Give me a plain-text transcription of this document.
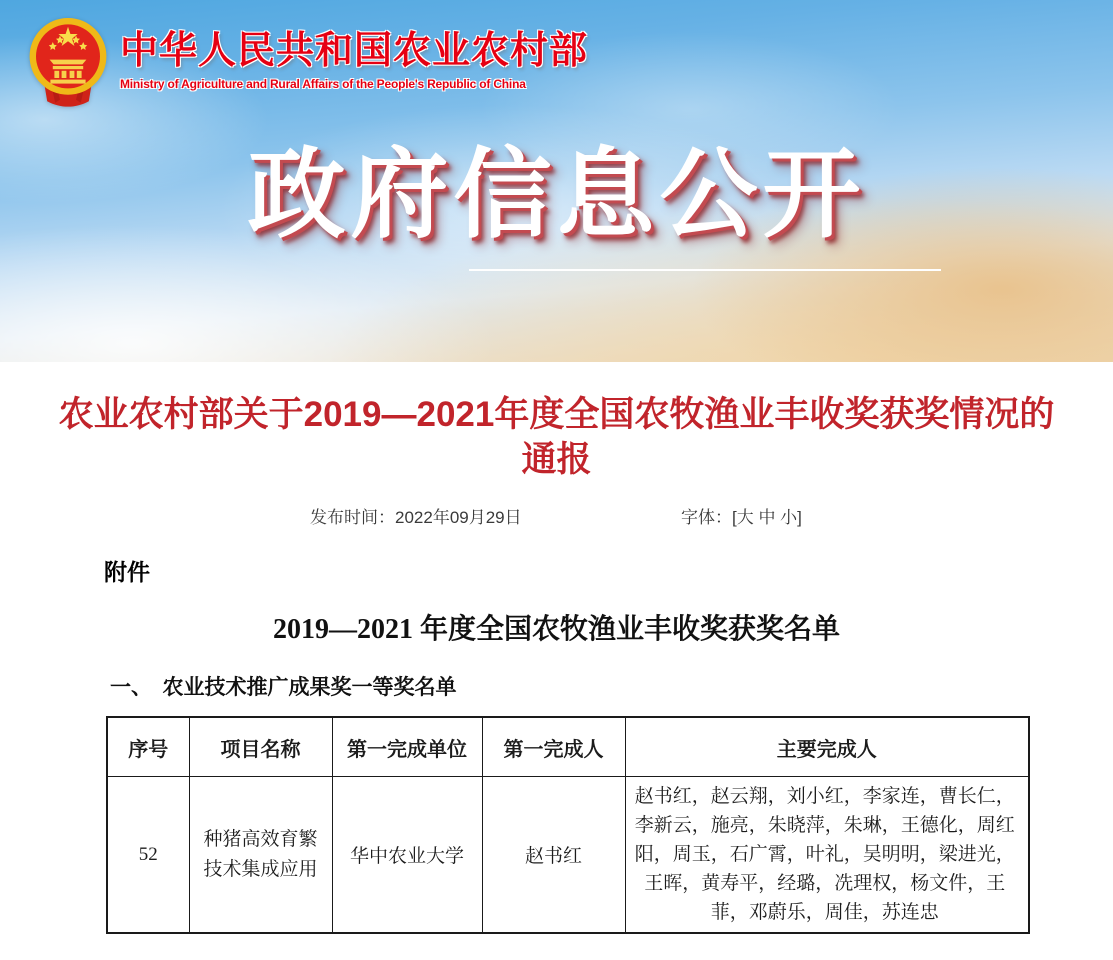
中华人民共和国农业农村部
Ministry of Agriculture and Rural Affairs of the People's Republic of China
政府信息公开
农业农村部关于2019—2021年度全国农牧渔业丰收奖获奖情况的通报
发布时间：2022年09月29日	字体：[大 中 小]
附件
2019—2021 年度全国农牧渔业丰收奖获奖名单
一、　农业技术推广成果奖一等奖名单
序号	项目名称	第一完成单位	第一完成人	主要完成人
52	种猪高效育繁技术集成应用	华中农业大学	赵书红	赵书红，赵云翔，刘小红，李家连，曹长仁，李新云，施亮，朱晓萍，朱琳，王德化，周红阳，周玉，石广霄，叶礼，吴明明，梁进光，王晖，黄寿平，经璐，冼理权，杨文件，王菲，邓蔚乐，周佳，苏连忠
